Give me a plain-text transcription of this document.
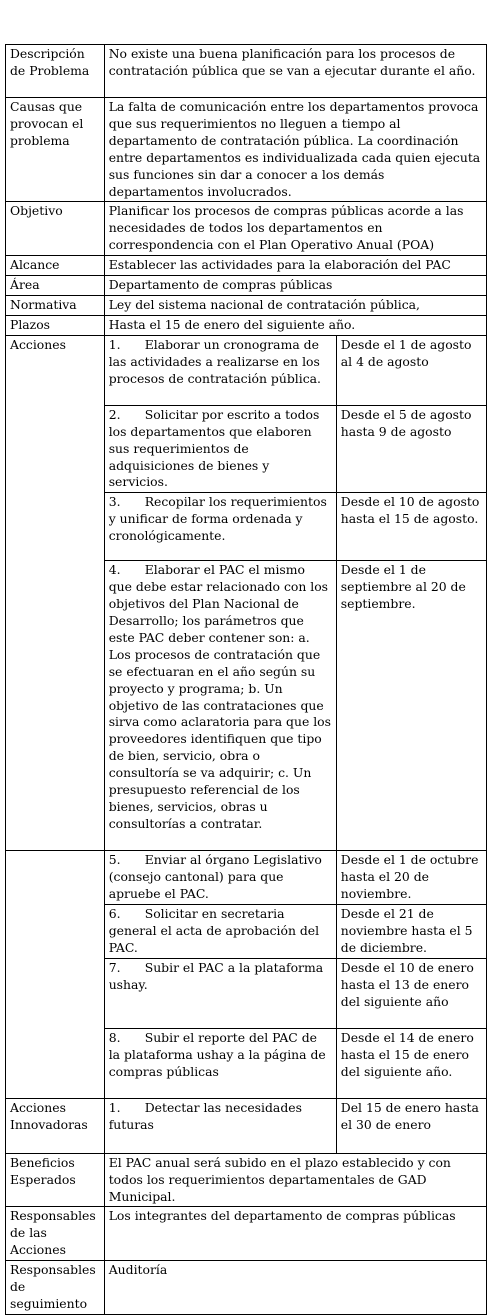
Descripción de Problema	No existe una buena planificación para los procesos de contratación pública que se van a ejecutar durante el año.	
Causas que provocan el problema	La falta de comunicación entre los departamentos provoca que sus requerimientos no lleguen a tiempo al departamento de contratación pública. La coordinación entre departamentos es individualizada cada quien ejecuta sus funciones sin dar a conocer a los demás departamentos involucrados.	
Objetivo	Planificar los procesos de compras públicas acorde a las necesidades de todos los departamentos en correspondencia con el Plan Operativo Anual (POA)	
Alcance	Establecer las actividades para la elaboración del PAC	
Área	Departamento de compras públicas	
Normativa	Ley del sistema nacional de contratación pública,	
Plazos	Hasta el 15 de enero del siguiente año.	
Acciones	1. Elaborar un cronograma de las actividades a realizarse en los procesos de contratación pública.	Desde el 1 de agosto al 4 de agosto
	2. Solicitar por escrito a todos los departamentos que elaboren sus requerimientos de adquisiciones de bienes y servicios.	Desde el 5 de agosto hasta 9 de agosto
	3. Recopilar los requerimientos y unificar de forma ordenada y cronológicamente.	Desde el 10 de agosto hasta el 15 de agosto.
	4. Elaborar el PAC el mismo que debe estar relacionado con los objetivos del Plan Nacional de Desarrollo; los parámetros que este PAC deber contener son: a. Los procesos de contratación que se efectuaran en el año según su proyecto y programa; b. Un objetivo de las contrataciones que sirva como aclaratoria para que los proveedores identifiquen que tipo de bien, servicio, obra o consultoría se va adquirir; c. Un presupuesto referencial de los bienes, servicios, obras u consultorías a contratar.	Desde el 1 de septiembre al 20 de septiembre.
	5. Enviar al órgano Legislativo (consejo cantonal) para que apruebe el PAC.	Desde el 1 de octubre hasta el 20 de noviembre.
	6. Solicitar en secretaria general el acta de aprobación del PAC.	Desde el 21 de noviembre hasta el 5 de diciembre.
	7. Subir el PAC a la plataforma ushay.	Desde el 10 de enero hasta el 13 de enero del siguiente año
	8. Subir el reporte del PAC de la plataforma ushay a la página de compras públicas	Desde el 14 de enero hasta el 15 de enero del siguiente año.
Acciones Innovadoras	1. Detectar las necesidades futuras	Del 15 de enero hasta el 30 de enero
Beneficios Esperados	El PAC anual será subido en el plazo establecido y con todos los requerimientos departamentales de GAD Municipal.	
Responsables de las Acciones	Los integrantes del departamento de compras públicas	
Responsables de seguimiento	Auditoría	
